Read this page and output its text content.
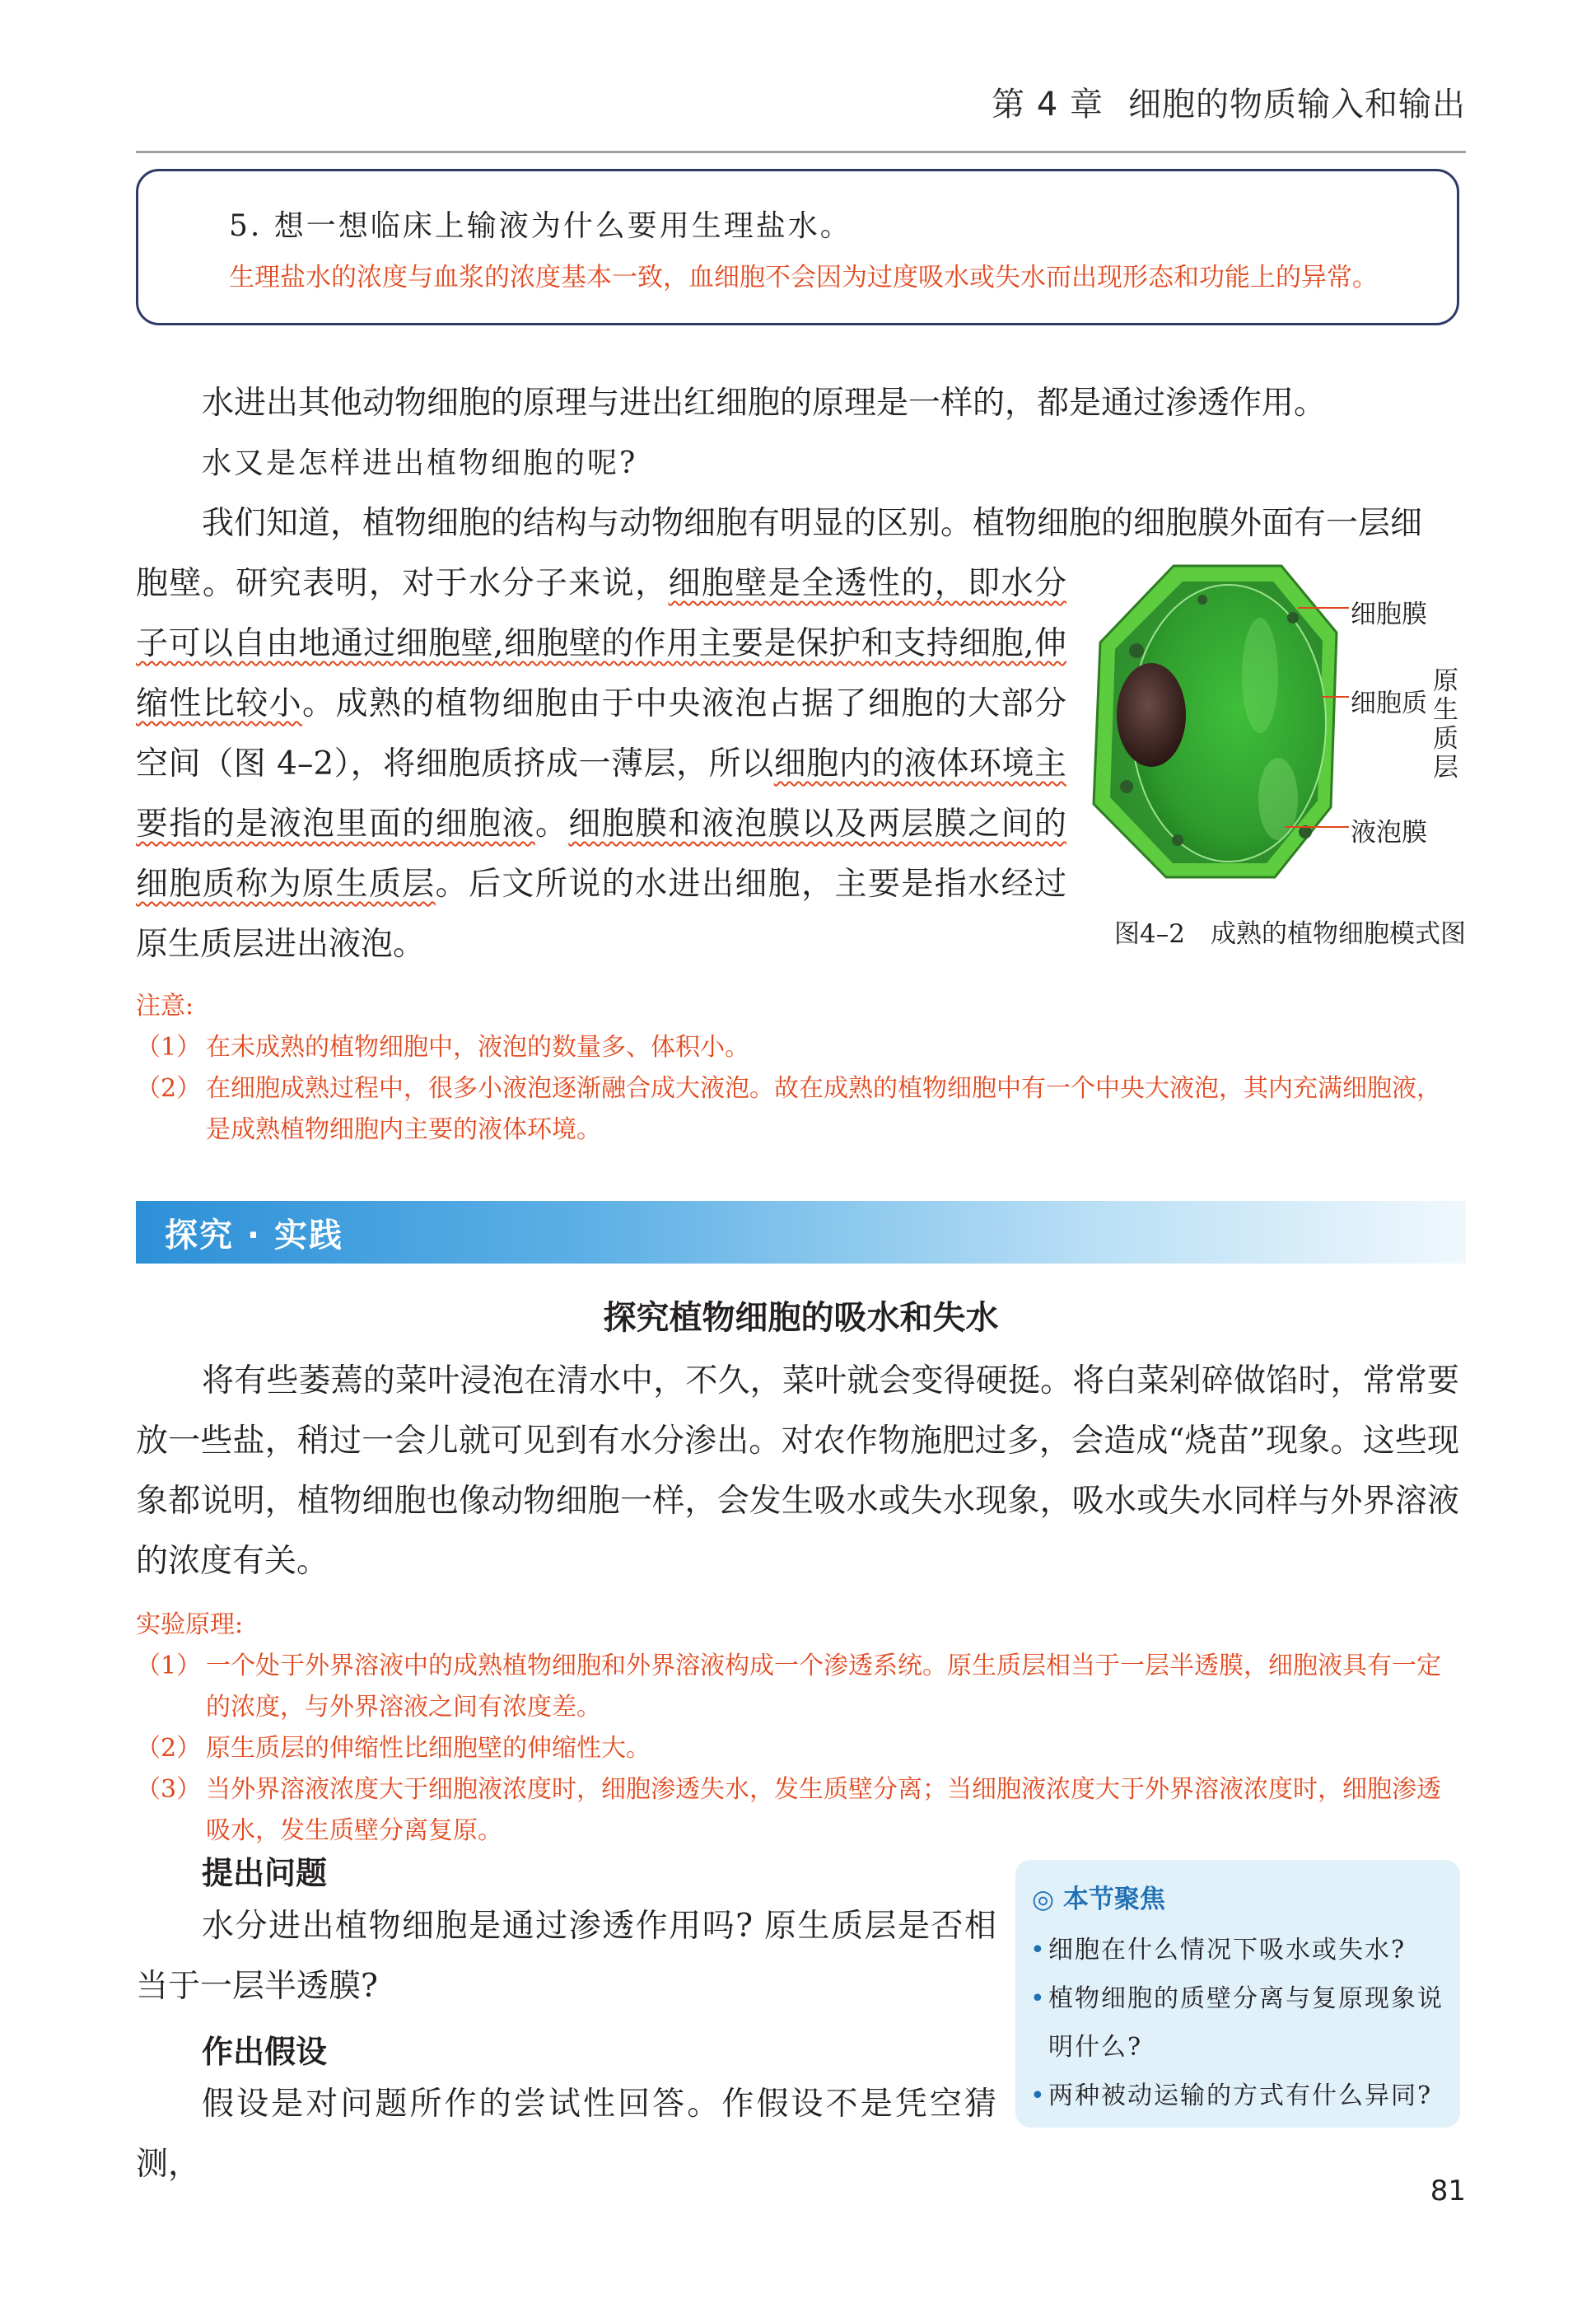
第 4 章 细胞的物质输入和输出
5. 想一想临床上输液为什么要用生理盐水。
生理盐水的浓度与血浆的浓度基本一致，血细胞不会因为过度吸水或失水而出现形态和功能上的异常。
水进出其他动物细胞的原理与进出红细胞的原理是一样的，都是通过渗透作用。
水又是怎样进出植物细胞的呢?
我们知道，植物细胞的结构与动物细胞有明显的区别。植物细胞的细胞膜外面有一层细
胞壁。研究表明，对于水分子来说，细胞壁是全透性的，即水分子可以自由地通过细胞壁,细胞壁的作用主要是保护和支持细胞,伸缩性比较小。成熟的植物细胞由于中央液泡占据了细胞的大部分空间（图 4–2），将细胞质挤成一薄层，所以细胞内的液体环境主要指的是液泡里面的细胞液。细胞膜和液泡膜以及两层膜之间的细胞质称为原生质层。后文所说的水进出细胞，主要是指水经过原生质层进出液泡。
细胞膜
细胞质
液泡膜
原生质层
图4–2　成熟的植物细胞模式图
注意:
（1） 在未成熟的植物细胞中，液泡的数量多、体积小。
（2） 在细胞成熟过程中，很多小液泡逐渐融合成大液泡。故在成熟的植物细胞中有一个中央大液泡，其内充满细胞液，是成熟植物细胞内主要的液体环境。
探究 · 实践
探究植物细胞的吸水和失水
将有些萎蔫的菜叶浸泡在清水中，不久，菜叶就会变得硬挺。将白菜剁碎做馅时，常常要放一些盐，稍过一会儿就可见到有水分渗出。对农作物施肥过多，会造成“烧苗”现象。这些现象都说明，植物细胞也像动物细胞一样，会发生吸水或失水现象，吸水或失水同样与外界溶液的浓度有关。
实验原理:
（1） 一个处于外界溶液中的成熟植物细胞和外界溶液构成一个渗透系统。原生质层相当于一层半透膜，细胞液具有一定的浓度，与外界溶液之间有浓度差。
（2） 原生质层的伸缩性比细胞壁的伸缩性大。
（3） 当外界溶液浓度大于细胞液浓度时，细胞渗透失水，发生质壁分离；当细胞液浓度大于外界溶液浓度时，细胞渗透吸水，发生质壁分离复原。
提出问题
水分进出植物细胞是通过渗透作用吗? 原生质层是否相当于一层半透膜?
作出假设
假设是对问题所作的尝试性回答。作假设不是凭空猜测，
◎ 本节聚焦
• 细胞在什么情况下吸水或失水?
• 植物细胞的质壁分离与复原现象说明什么?
• 两种被动运输的方式有什么异同?
81
